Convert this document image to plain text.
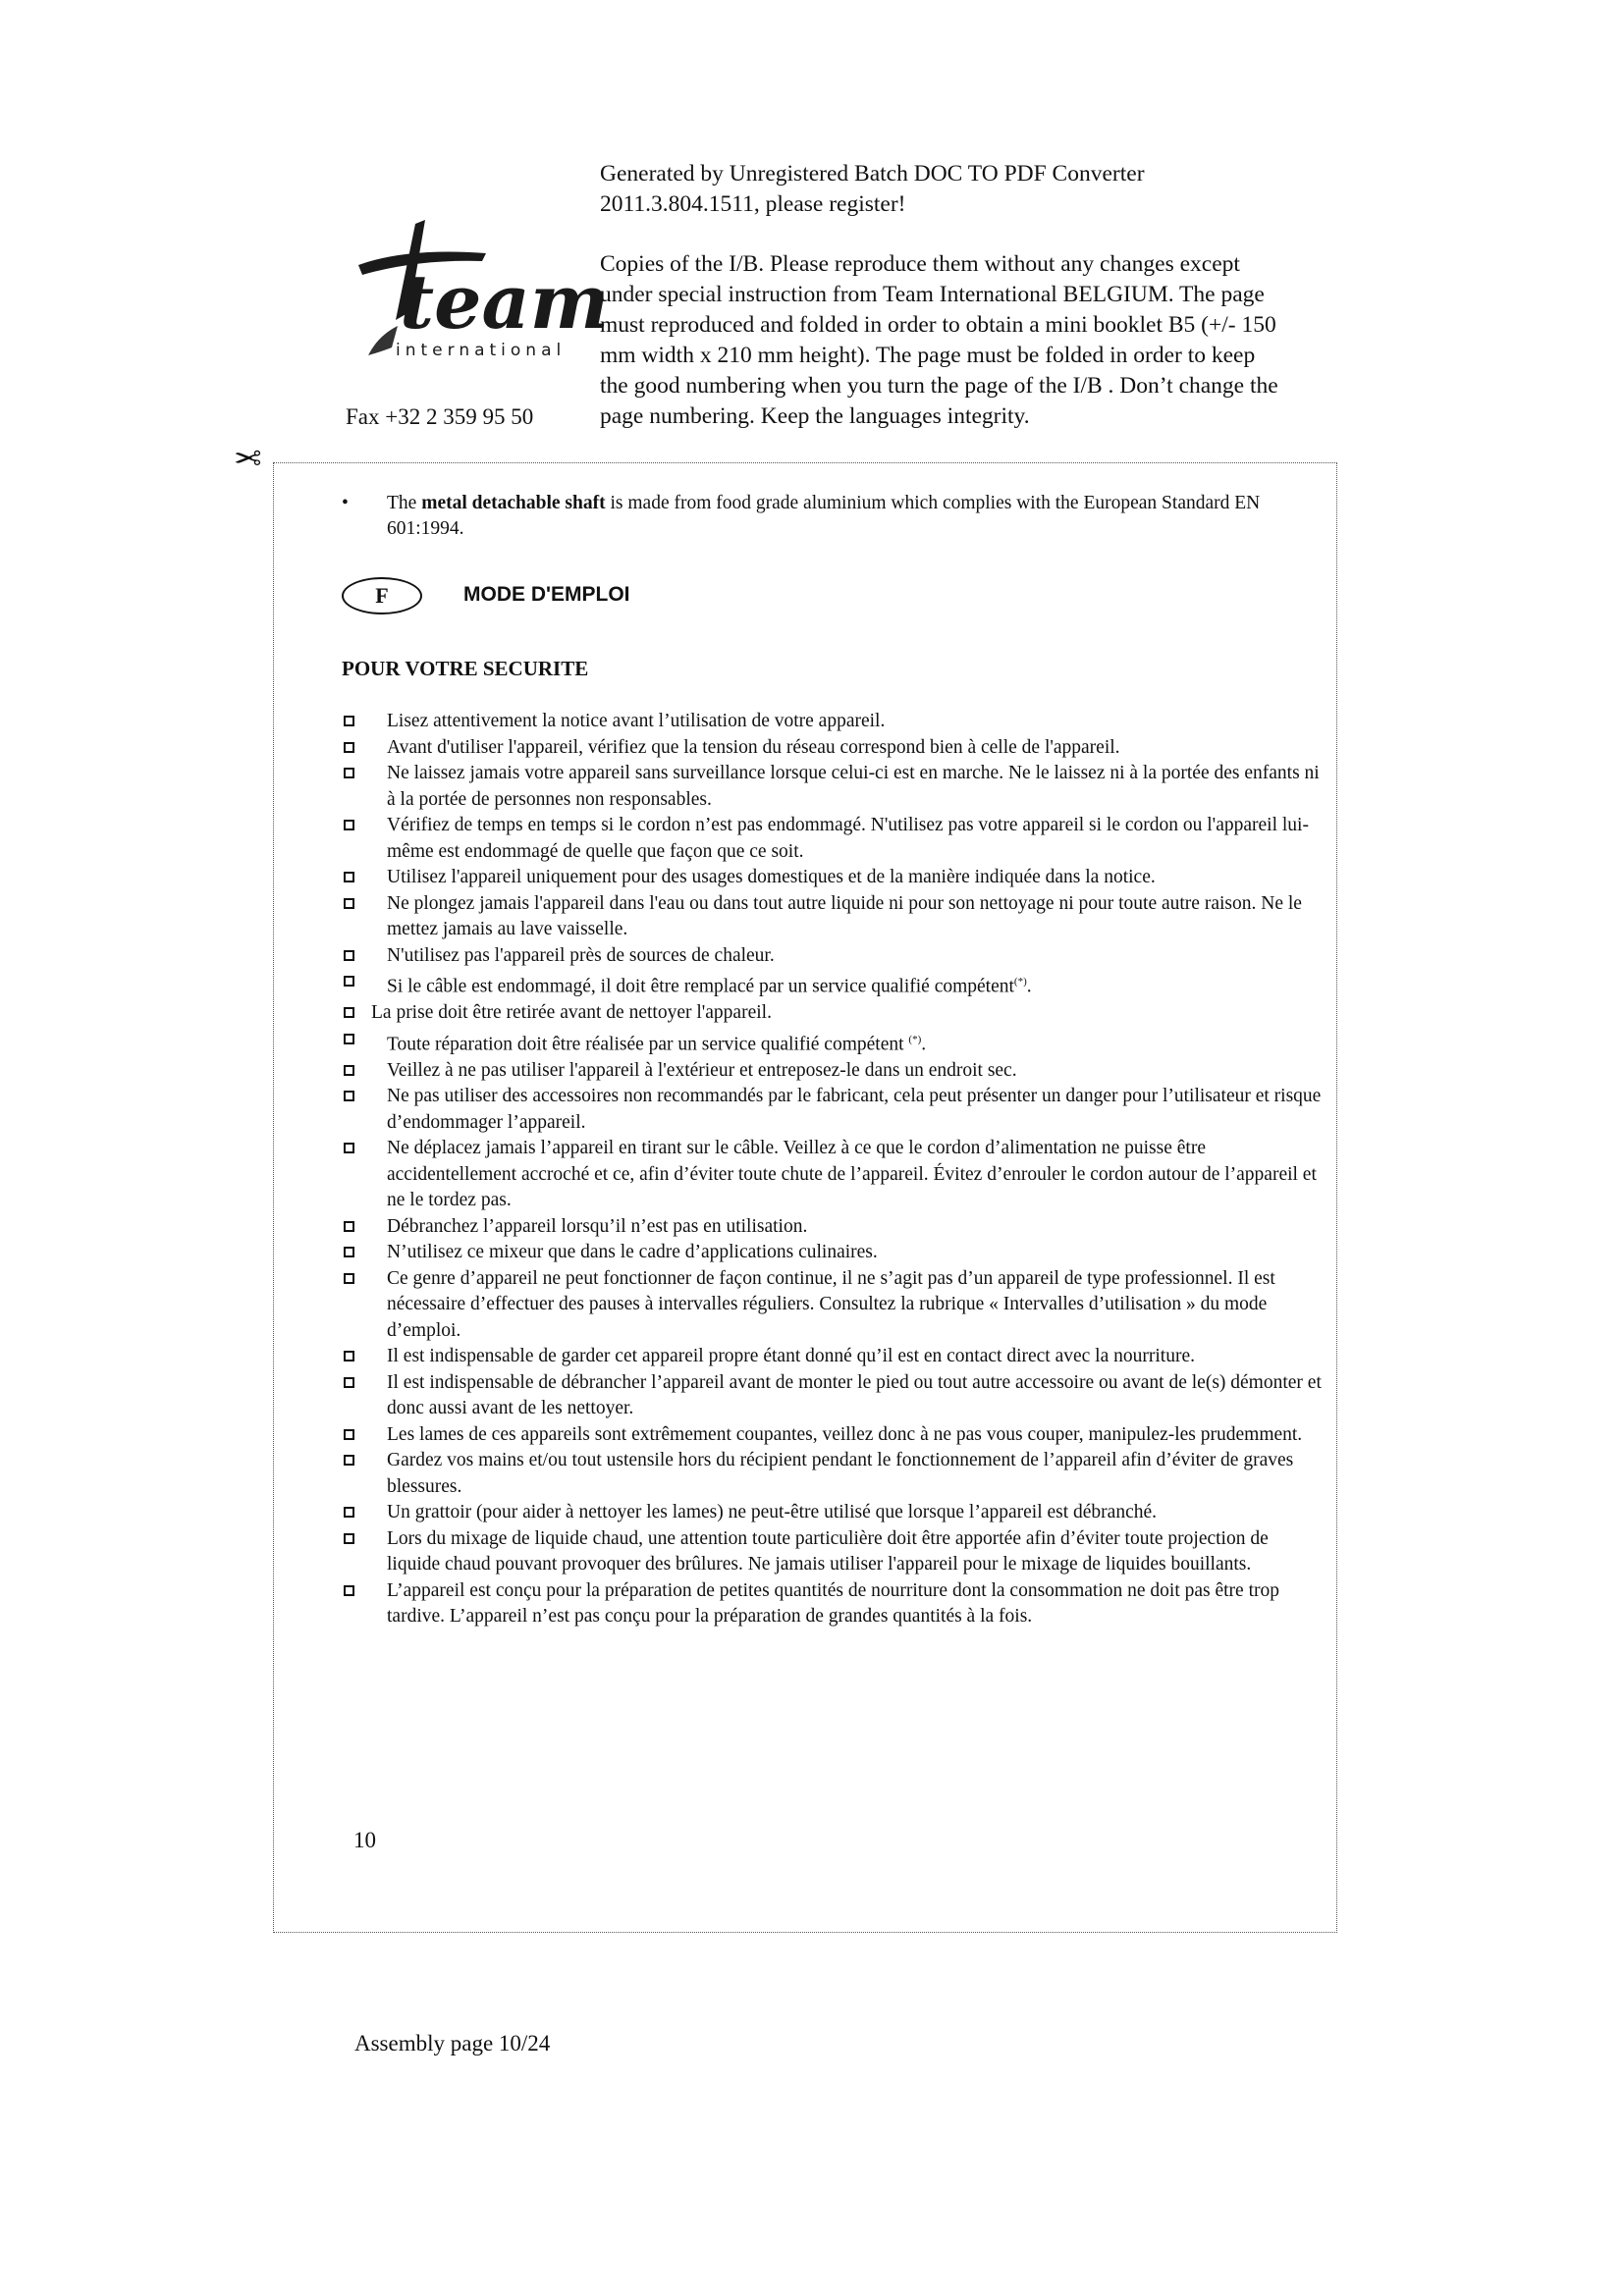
team
international
Fax +32 2 359 95 50

Generated by Unregistered Batch DOC TO PDF Converter 2011.3.804.1511, please register!

Copies of the I/B. Please reproduce them without any changes except under special instruction from Team International BELGIUM. The page must reproduced and folded in order to obtain a mini booklet B5 (+/- 150 mm width x 210 mm height). The page must be folded in order to keep the good numbering when you turn the page of the I/B . Don’t change the page numbering. Keep the languages integrity.

✂
• The metal detachable shaft is made from food grade aluminium which complies with the European Standard EN 601:1994.
F	MODE D'EMPLOI
POUR VOTRE SECURITE
Lisez attentivement la notice avant l’utilisation de votre appareil.
Avant d'utiliser l'appareil, vérifiez que la tension du réseau correspond bien à celle de l'appareil.
Ne laissez jamais votre appareil sans surveillance lorsque celui-ci est en marche. Ne le laissez ni à la portée des enfants ni à la portée de personnes non responsables.
Vérifiez de temps en temps si le cordon n’est pas endommagé. N'utilisez pas votre appareil si le cordon ou l'appareil lui-même est endommagé de quelle que façon que ce soit.
Utilisez l'appareil uniquement pour des usages domestiques et de la manière indiquée dans la notice.
Ne plongez jamais l'appareil dans l'eau ou dans tout autre liquide ni pour son nettoyage ni pour toute autre raison. Ne le mettez jamais au lave vaisselle.
N'utilisez pas l'appareil près de sources de chaleur.
Si le câble est endommagé, il doit être remplacé par un service qualifié compétent(*).
La prise doit être retirée avant de nettoyer l'appareil.
Toute réparation doit être réalisée par un service qualifié compétent (*).
Veillez à ne pas utiliser l'appareil à l'extérieur et entreposez-le dans un endroit sec.
Ne pas utiliser des accessoires non recommandés par le fabricant, cela peut présenter un danger pour l’utilisateur et risque d’endommager l’appareil.
Ne déplacez jamais l’appareil en tirant sur le câble. Veillez à ce que le cordon d’alimentation ne puisse être accidentellement accroché et ce, afin d’éviter toute chute de l’appareil. Évitez d’enrouler le cordon autour de l’appareil et ne le tordez pas.
Débranchez l’appareil lorsqu’il n’est pas en utilisation.
N’utilisez ce mixeur que dans le cadre d’applications culinaires.
Ce genre d’appareil ne peut fonctionner de façon continue, il ne s’agit pas d’un appareil de type professionnel. Il est nécessaire d’effectuer des pauses à intervalles réguliers. Consultez la rubrique « Intervalles d’utilisation » du mode d’emploi.
Il est indispensable de garder cet appareil propre étant donné qu’il est en contact direct avec la nourriture.
Il est indispensable de débrancher l’appareil avant de monter le pied ou tout autre accessoire ou avant de le(s) démonter et donc aussi avant de les nettoyer.
Les lames de ces appareils sont extrêmement coupantes, veillez donc à ne pas vous couper, manipulez-les prudemment.
Gardez vos mains et/ou tout ustensile hors du récipient pendant le fonctionnement de l’appareil afin d’éviter de graves blessures.
Un grattoir (pour aider à nettoyer les lames) ne peut-être utilisé que lorsque l’appareil est débranché.
Lors du mixage de liquide chaud, une attention toute particulière doit être apportée afin d’éviter toute projection de liquide chaud pouvant provoquer des brûlures. Ne jamais utiliser l'appareil pour le mixage de liquides bouillants.
L’appareil est conçu pour la préparation de petites quantités de nourriture dont la consommation ne doit pas être trop tardive. L’appareil n’est pas conçu pour la préparation de grandes quantités à la fois.
10
Assembly page 10/24
